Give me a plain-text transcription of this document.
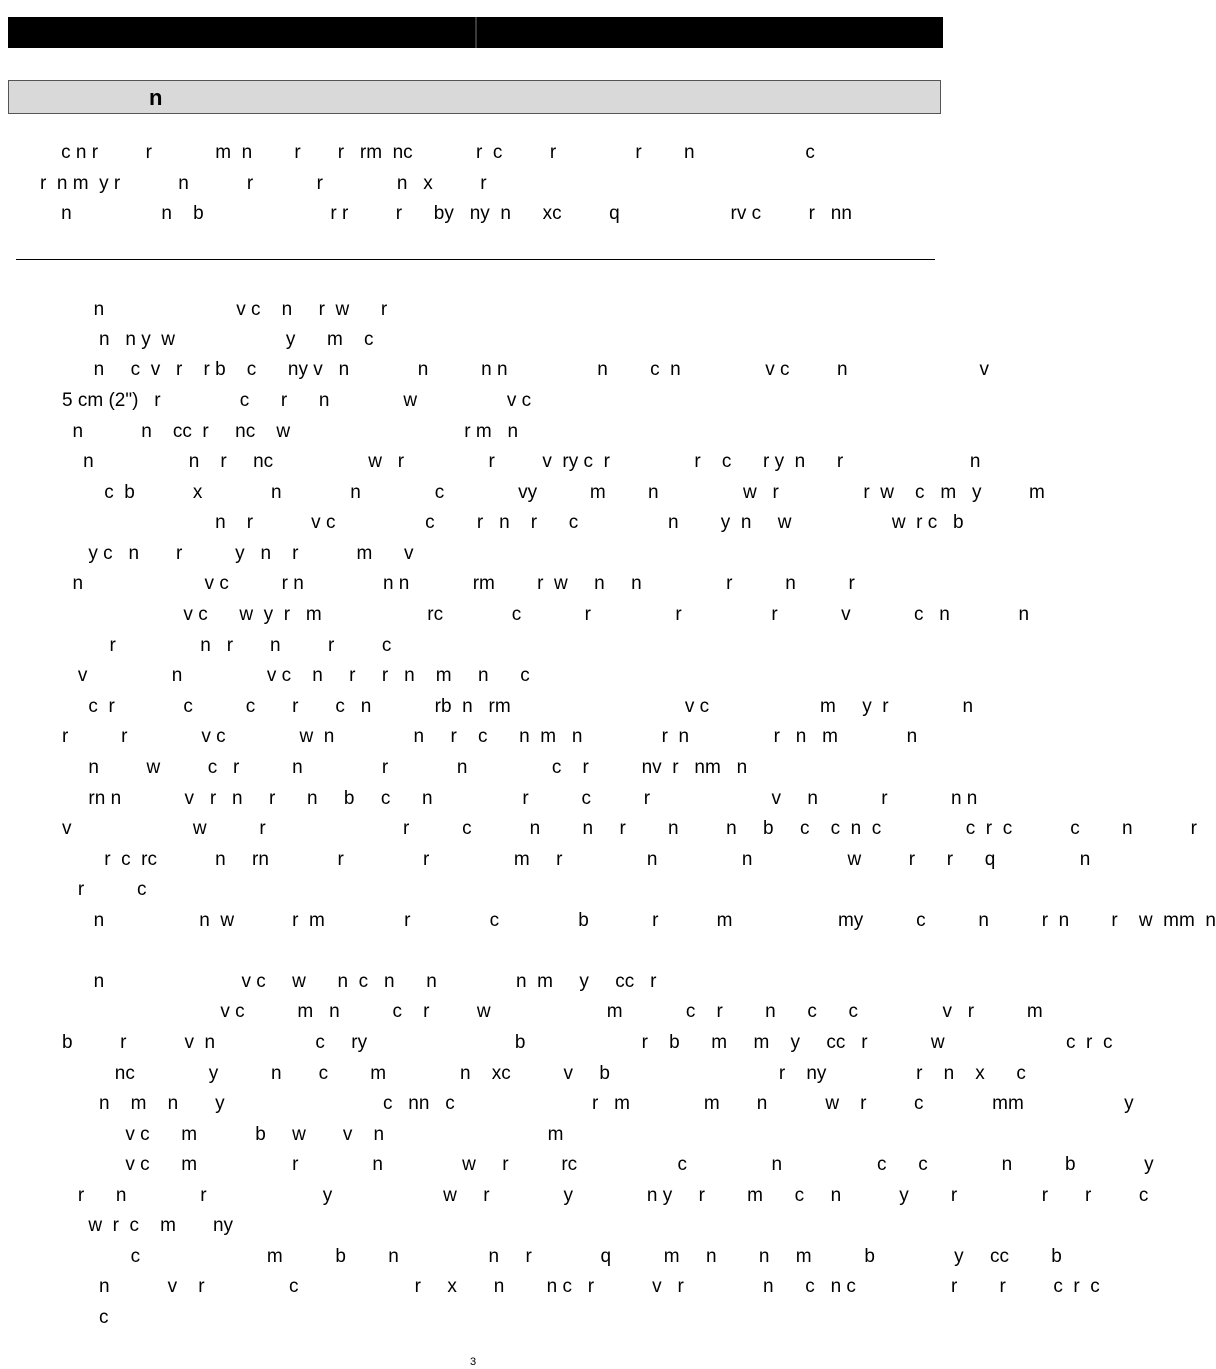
n
c n r         r            m  n        r       r   rm  nc            r  c         r               r        n                     c
r  n m  y r           n           r            r              n   x         r
n                 n    b                        r r         r      by   ny  n      xc         q                     rv c         r   nn
n                         v c    n     r  w      r
n   n y  w                     y      m    c
n     c  v   r    r b    c      ny v   n             n          n n                 n        c  n                v c         n                         v
5 cm (2")   r               c      r      n              w                 v c
n           n    cc  r     nc    w                                 r m   n
n                  n    r     nc                  w   r                r         v  ry c  r                r    c      r y  n      r                        n
c  b           x             n             n              c              vy          m        n                w   r                r  w    c   m   y         m
n    r           v c                 c        r   n    r      c                 n        y  n     w                   w  r c   b
y c   n       r          y   n    r           m      v
n                       v c          r n               n n            rm        r  w     n     n                r          n          r
v c      w  y  r   m                    rc             c            r                r                 r            v            c   n             n
r                n   r       n         r         c
v                n                v c    n     r     r   n    m     n      c
c  r             c          c       r       c   n            rb  n   rm                                 v c                     m     y  r              n
r          r              v c              w  n               n     r    c      n  m   n               r  n                r   n   m             n
n         w         c   r          n               r             n                c    r          nv  r   nm   n
rn n            v   r   n     r      n     b     c      n                 r          c          r                       v     n            r            n n
v                       w          r                          r          c           n        n     r        n         n     b     c    c  n  c                c  r  c           c        n           r
r  c  rc           n     rn             r               r                m     r                n                n                  w         r      r      q                n
r          c
n                  n  w           r  m               r               c               b            r           m                    my          c          n          r  n        r    w  mm  n
n                          v c     w      n  c   n      n               n  m     y     cc   r
v c          m   n          c    r         w                      m            c    r        n      c      c                v   r          m
b         r           v  n                   c     ry                            b                      r    b      m     m    y     cc   r            w                       c  r  c
nc              y          n       c        m              n    xc          v     b                                r    ny                 r    n    x      c
n    m    n       y                              c   nn   c                          r   m              m       n           w    r         c             mm                   y
v c      m           b     w       v    n                               m
v c      m                  r              n               w     r          rc                   c                n                  c      c              n          b             y
r      n              r                      y                     w     r              y              n y     r        m      c     n           y        r                r       r         c
w  r  c    m       ny
c                        m          b        n                 n     r             q          m     n        n     m          b               y     cc        b
n           v    r                c                      r     x       n        n c   r           v   r               n      c   n c                  r        r         c  r  c
c
3
